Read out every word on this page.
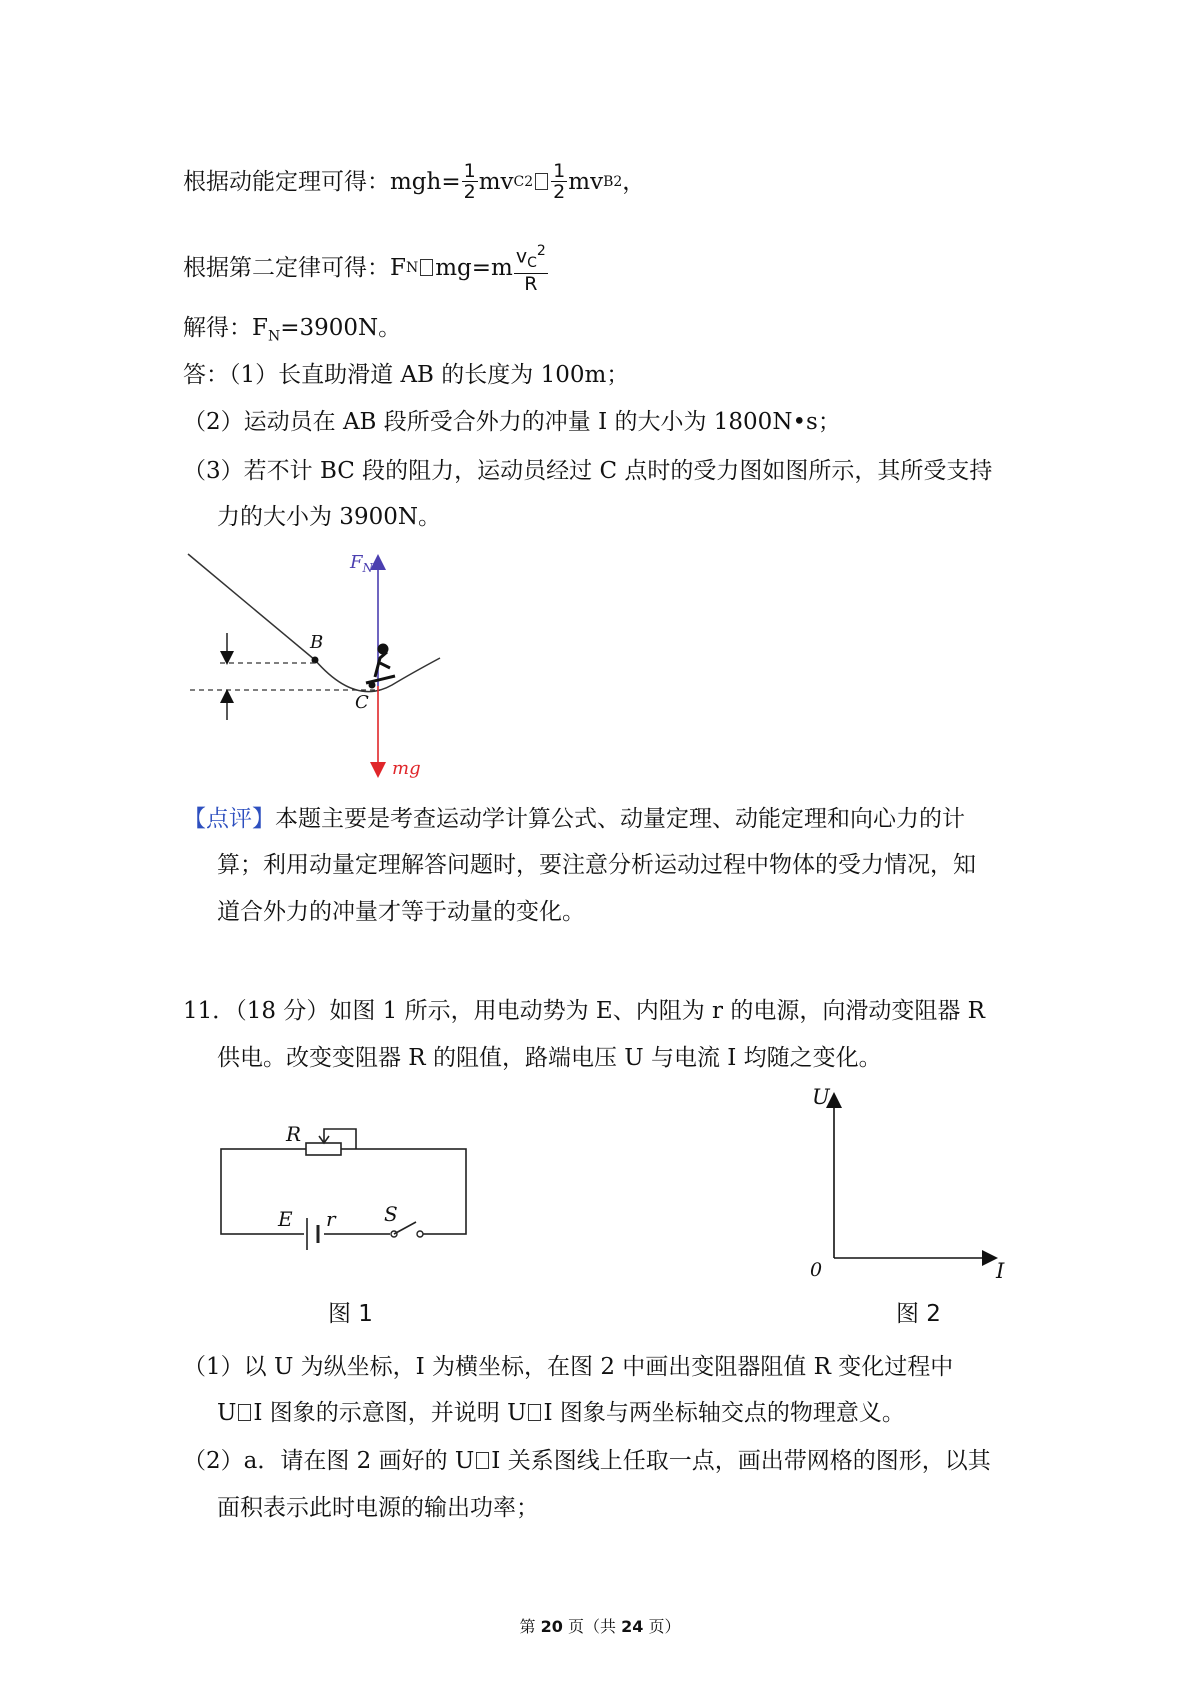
根据动能定理可得：$mgh= \frac{1}{2}$ mv C $2 \frac{1}{2}$ mv B 2 ，
根据第二定律可得：F N $mg=m \frac{v_C^2}{R}$
解得：$F_N=3900N$。
答：（1）长直助滑道 AB 的长度为 100m；
（2）运动员在 AB 段所受合外力的冲量 I 的大小为 1800N•s；
（3）若不计 BC 段的阻力，运动员经过 C 点时的受力图如图所示，其所受支持
力的大小为 3900N。
$F_N$
B
C
mg
【点评】本题主要是考查运动学计算公式、动量定理、动能定理和向心力的计
算；利用动量定理解答问题时，要注意分析运动过程中物体的受力情况，知
道合外力的冲量才等于动量的变化。
11．（18 分）如图 1 所示，用电动势为 E、内阻为 r 的电源，向滑动变阻器 R
供电。改变变阻器 R 的阻值，路端电压 U 与电流 I 均随之变化。
R
E r S
图 1
U
I
0
图 2
（1）以 U 为纵坐标，I 为横坐标，在图 2 中画出变阻器阻值 R 变化过程中
U I 图象的示意图，并说明 U I 图象与两坐标轴交点的物理意义。
（2）a．请在图 2 画好的 U I 关系图线上任取一点，画出带网格的图形，以其
面积表示此时电源的输出功率；
第 20 页（共 24 页）
